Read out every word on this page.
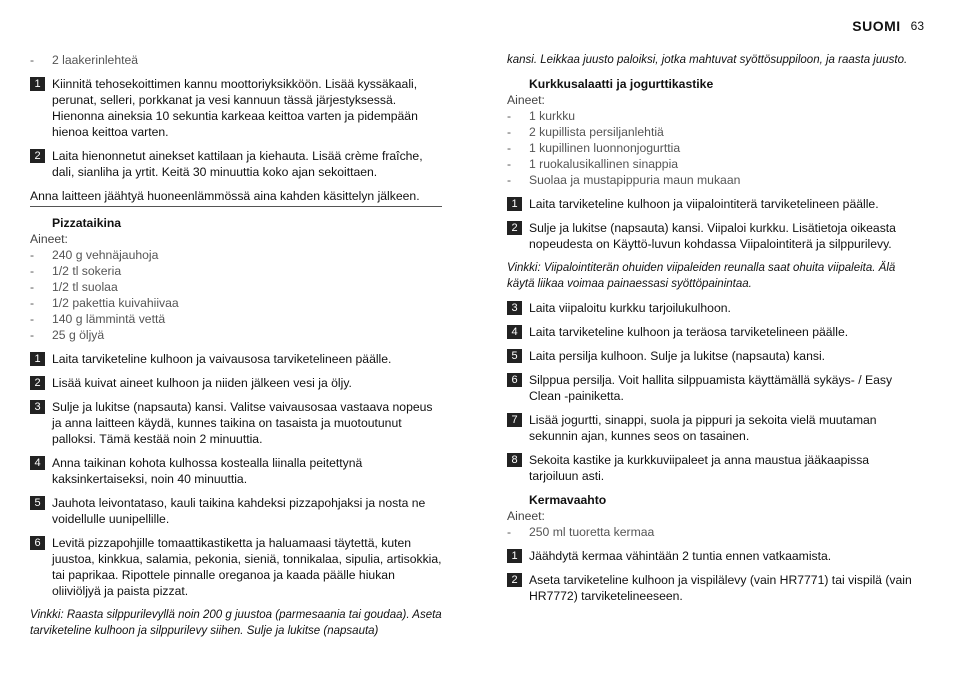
SUOMI 63
-	2 laakerinlehteä
1 Kiinnitä tehosekoittimen kannu moottoriyksikköön. Lisää kyssäkaali, perunat, selleri, porkkanat ja vesi kannuun tässä järjestyksessä. Hienonna aineksia 10 sekuntia karkeaa keittoa varten ja pidempään hienoa keittoa varten.
2 Laita hienonnetut ainekset kattilaan ja kiehauta. Lisää crème fraîche, dali, sianliha ja yrtit. Keitä 30 minuuttia koko ajan sekoittaen.
Anna laitteen jäähtyä huoneenlämmössä aina kahden käsittelyn jälkeen.
Pizzataikina
Aineet:
-	240 g vehnäjauhoja
-	1/2 tl sokeria
-	1/2 tl suolaa
-	1/2 pakettia kuivahiivaa
-	140 g lämmintä vettä
-	25 g öljyä
1 Laita tarviketeline kulhoon ja vaivausosa tarviketelineen päälle.
2 Lisää kuivat aineet kulhoon ja niiden jälkeen vesi ja öljy.
3 Sulje ja lukitse (napsauta) kansi. Valitse vaivausosaa vastaava nopeus ja anna laitteen käydä, kunnes taikina on tasaista ja muotoutunut palloksi. Tämä kestää noin 2 minuuttia.
4 Anna taikinan kohota kulhossa kostealla liinalla peitettynä kaksinkertaiseksi, noin 40 minuuttia.
5 Jauhota leivontataso, kauli taikina kahdeksi pizzapohjaksi ja nosta ne voidellulle uunipellille.
6 Levitä pizzapohjille tomaattikastiketta ja haluamaasi täytettä, kuten juustoa, kinkkua, salamia, pekonia, sieniä, tonnikalaa, sipulia, artisokkia, tai paprikaa. Ripottele pinnalle oreganoa ja kaada päälle hiukan oliiviöljyä ja paista pizzat.
Vinkki: Raasta silppurilevyllä noin 200 g juustoa (parmesaania tai goudaa). Aseta tarviketeline kulhoon ja silppurilevy siihen. Sulje ja lukitse (napsauta)
kansi. Leikkaa juusto paloiksi, jotka mahtuvat syöttösuppiloon, ja raasta juusto.
Kurkkusalaatti ja jogurttikastike
Aineet:
-	1 kurkku
-	2 kupillista persiljanlehtiä
-	1 kupillinen luonnonjogurttia
-	1 ruokalusikallinen sinappia
-	Suolaa ja mustapippuria maun mukaan
1 Laita tarviketeline kulhoon ja viipalointiterä tarviketelineen päälle.
2 Sulje ja lukitse (napsauta) kansi. Viipaloi kurkku. Lisätietoja oikeasta nopeudesta on Käyttö-luvun kohdassa Viipalointiterä ja silppurilevy.
Vinkki: Viipalointiterän ohuiden viipaleiden reunalla saat ohuita viipaleita. Älä käytä liikaa voimaa painaessasi syöttöpainintaa.
3 Laita viipaloitu kurkku tarjoilukulhoon.
4 Laita tarviketeline kulhoon ja teräosa tarviketelineen päälle.
5 Laita persilja kulhoon. Sulje ja lukitse (napsauta) kansi.
6 Silppua persilja. Voit hallita silppuamista käyttämällä sykäys- / Easy Clean -painiketta.
7 Lisää jogurtti, sinappi, suola ja pippuri ja sekoita vielä muutaman sekunnin ajan, kunnes seos on tasainen.
8 Sekoita kastike ja kurkkuviipaleet ja anna maustua jääkaapissa tarjoiluun asti.
Kermavaahto
Aineet:
-	250 ml tuoretta kermaa
1 Jäähdytä kermaa vähintään 2 tuntia ennen vatkaamista.
2 Aseta tarviketeline kulhoon ja vispilälevy (vain HR7771) tai vispilä (vain HR7772) tarviketelineeseen.
